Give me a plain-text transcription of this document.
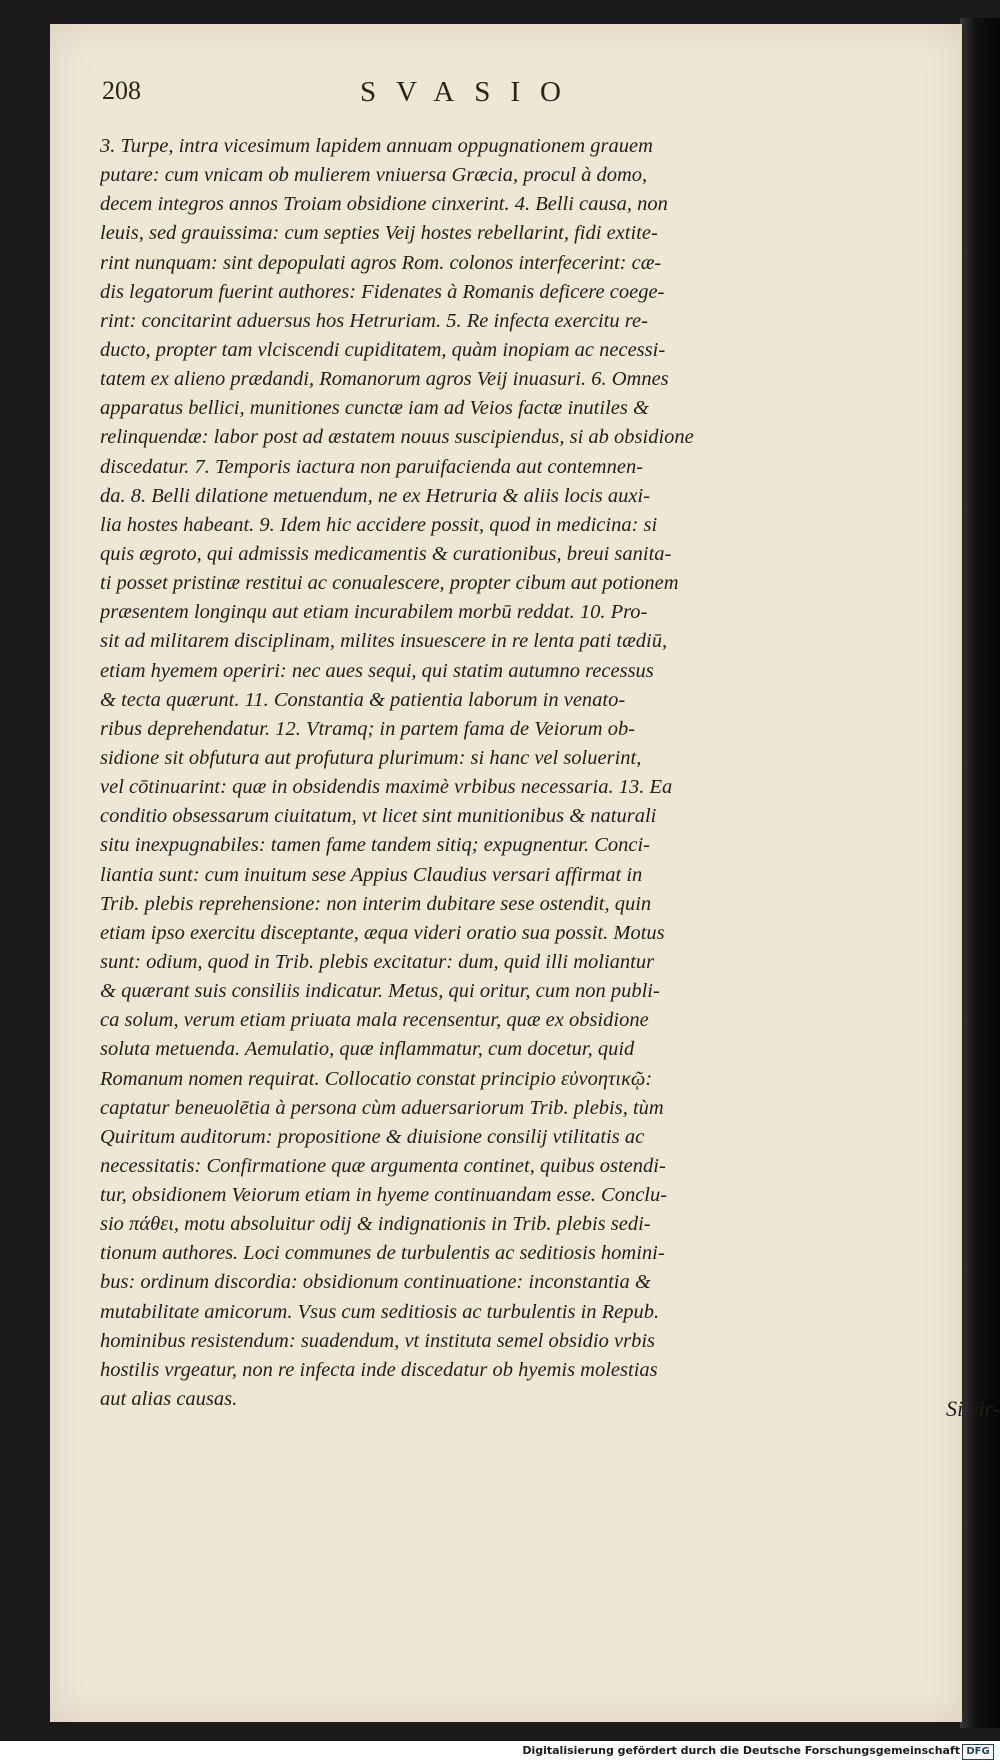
208	SVASIO
3. Turpe, intra vicesimum lapidem annuam oppugnationem grauem
putare: cum vnicam ob mulierem vniuersa Græcia, procul à domo,
decem integros annos Troiam obsidione cinxerint. 4. Belli causa, non
leuis, sed grauissima: cum septies Veij hostes rebellarint, fidi extite-
rint nunquam: sint depopulati agros Rom. colonos interfecerint: cæ-
dis legatorum fuerint authores: Fidenates à Romanis deficere coege-
rint: concitarint aduersus hos Hetruriam. 5. Re infecta exercitu re-
ducto, propter tam vlciscendi cupiditatem, quàm inopiam ac necessi-
tatem ex alieno prædandi, Romanorum agros Veij inuasuri. 6. Omnes
apparatus bellici, munitiones cunctæ iam ad Veios factæ inutiles &
relinquendæ: labor post ad æstatem nouus suscipiendus, si ab obsidione
discedatur. 7. Temporis iactura non paruifacienda aut contemnen-
da. 8. Belli dilatione metuendum, ne ex Hetruria & aliis locis auxi-
lia hostes habeant. 9. Idem hic accidere possit, quod in medicina: si
quis ægroto, qui admissis medicamentis & curationibus, breui sanita-
ti posset pristinæ restitui ac conualescere, propter cibum aut potionem
præsentem longinqu aut etiam incurabilem morbū reddat. 10. Pro-
sit ad militarem disciplinam, milites insuescere in re lenta pati tædiū,
etiam hyemem operiri: nec aues sequi, qui statim autumno recessus
& tecta quærunt. 11. Constantia & patientia laborum in venato-
ribus deprehendatur. 12. Vtramq; in partem fama de Veiorum ob-
sidione sit obfutura aut profutura plurimum: si hanc vel soluerint,
vel cōtinuarint: quæ in obsidendis maximè vrbibus necessaria. 13. Ea
conditio obsessarum ciuitatum, vt licet sint munitionibus & naturali
situ inexpugnabiles: tamen fame tandem sitiq; expugnentur. Conci-
liantia sunt: cum inuitum sese Appius Claudius versari affirmat in
Trib. plebis reprehensione: non interim dubitare sese ostendit, quin
etiam ipso exercitu disceptante, æqua videri oratio sua possit. Motus
sunt: odium, quod in Trib. plebis excitatur: dum, quid illi moliantur
& quærant suis consiliis indicatur. Metus, qui oritur, cum non publi-
ca solum, verum etiam priuata mala recensentur, quæ ex obsidione
soluta metuenda. Aemulatio, quæ inflammatur, cum docetur, quid
Romanum nomen requirat. Collocatio constat principio εὐνοητικῷ:
captatur beneuolētia à persona cùm aduersariorum Trib. plebis, tùm
Quiritum auditorum: propositione & diuisione consilij vtilitatis ac
necessitatis: Confirmatione quæ argumenta continet, quibus ostendi-
tur, obsidionem Veiorum etiam in hyeme continuandam esse. Conclu-
sio πάθει, motu absoluitur odij & indignationis in Trib. plebis sedi-
tionum authores. Loci communes de turbulentis ac seditiosis homini-
bus: ordinum discordia: obsidionum continuatione: inconstantia &
mutabilitate amicorum. Vsus cum seditiosis ac turbulentis in Repub.
hominibus resistendum: suadendum, vt instituta semel obsidio vrbis
hostilis vrgeatur, non re infecta inde discedatur ob hyemis molestias
aut alias causas.	Si vir-
Digitalisierung gefördert durch die Deutsche Forschungsgemeinschaft DFG
